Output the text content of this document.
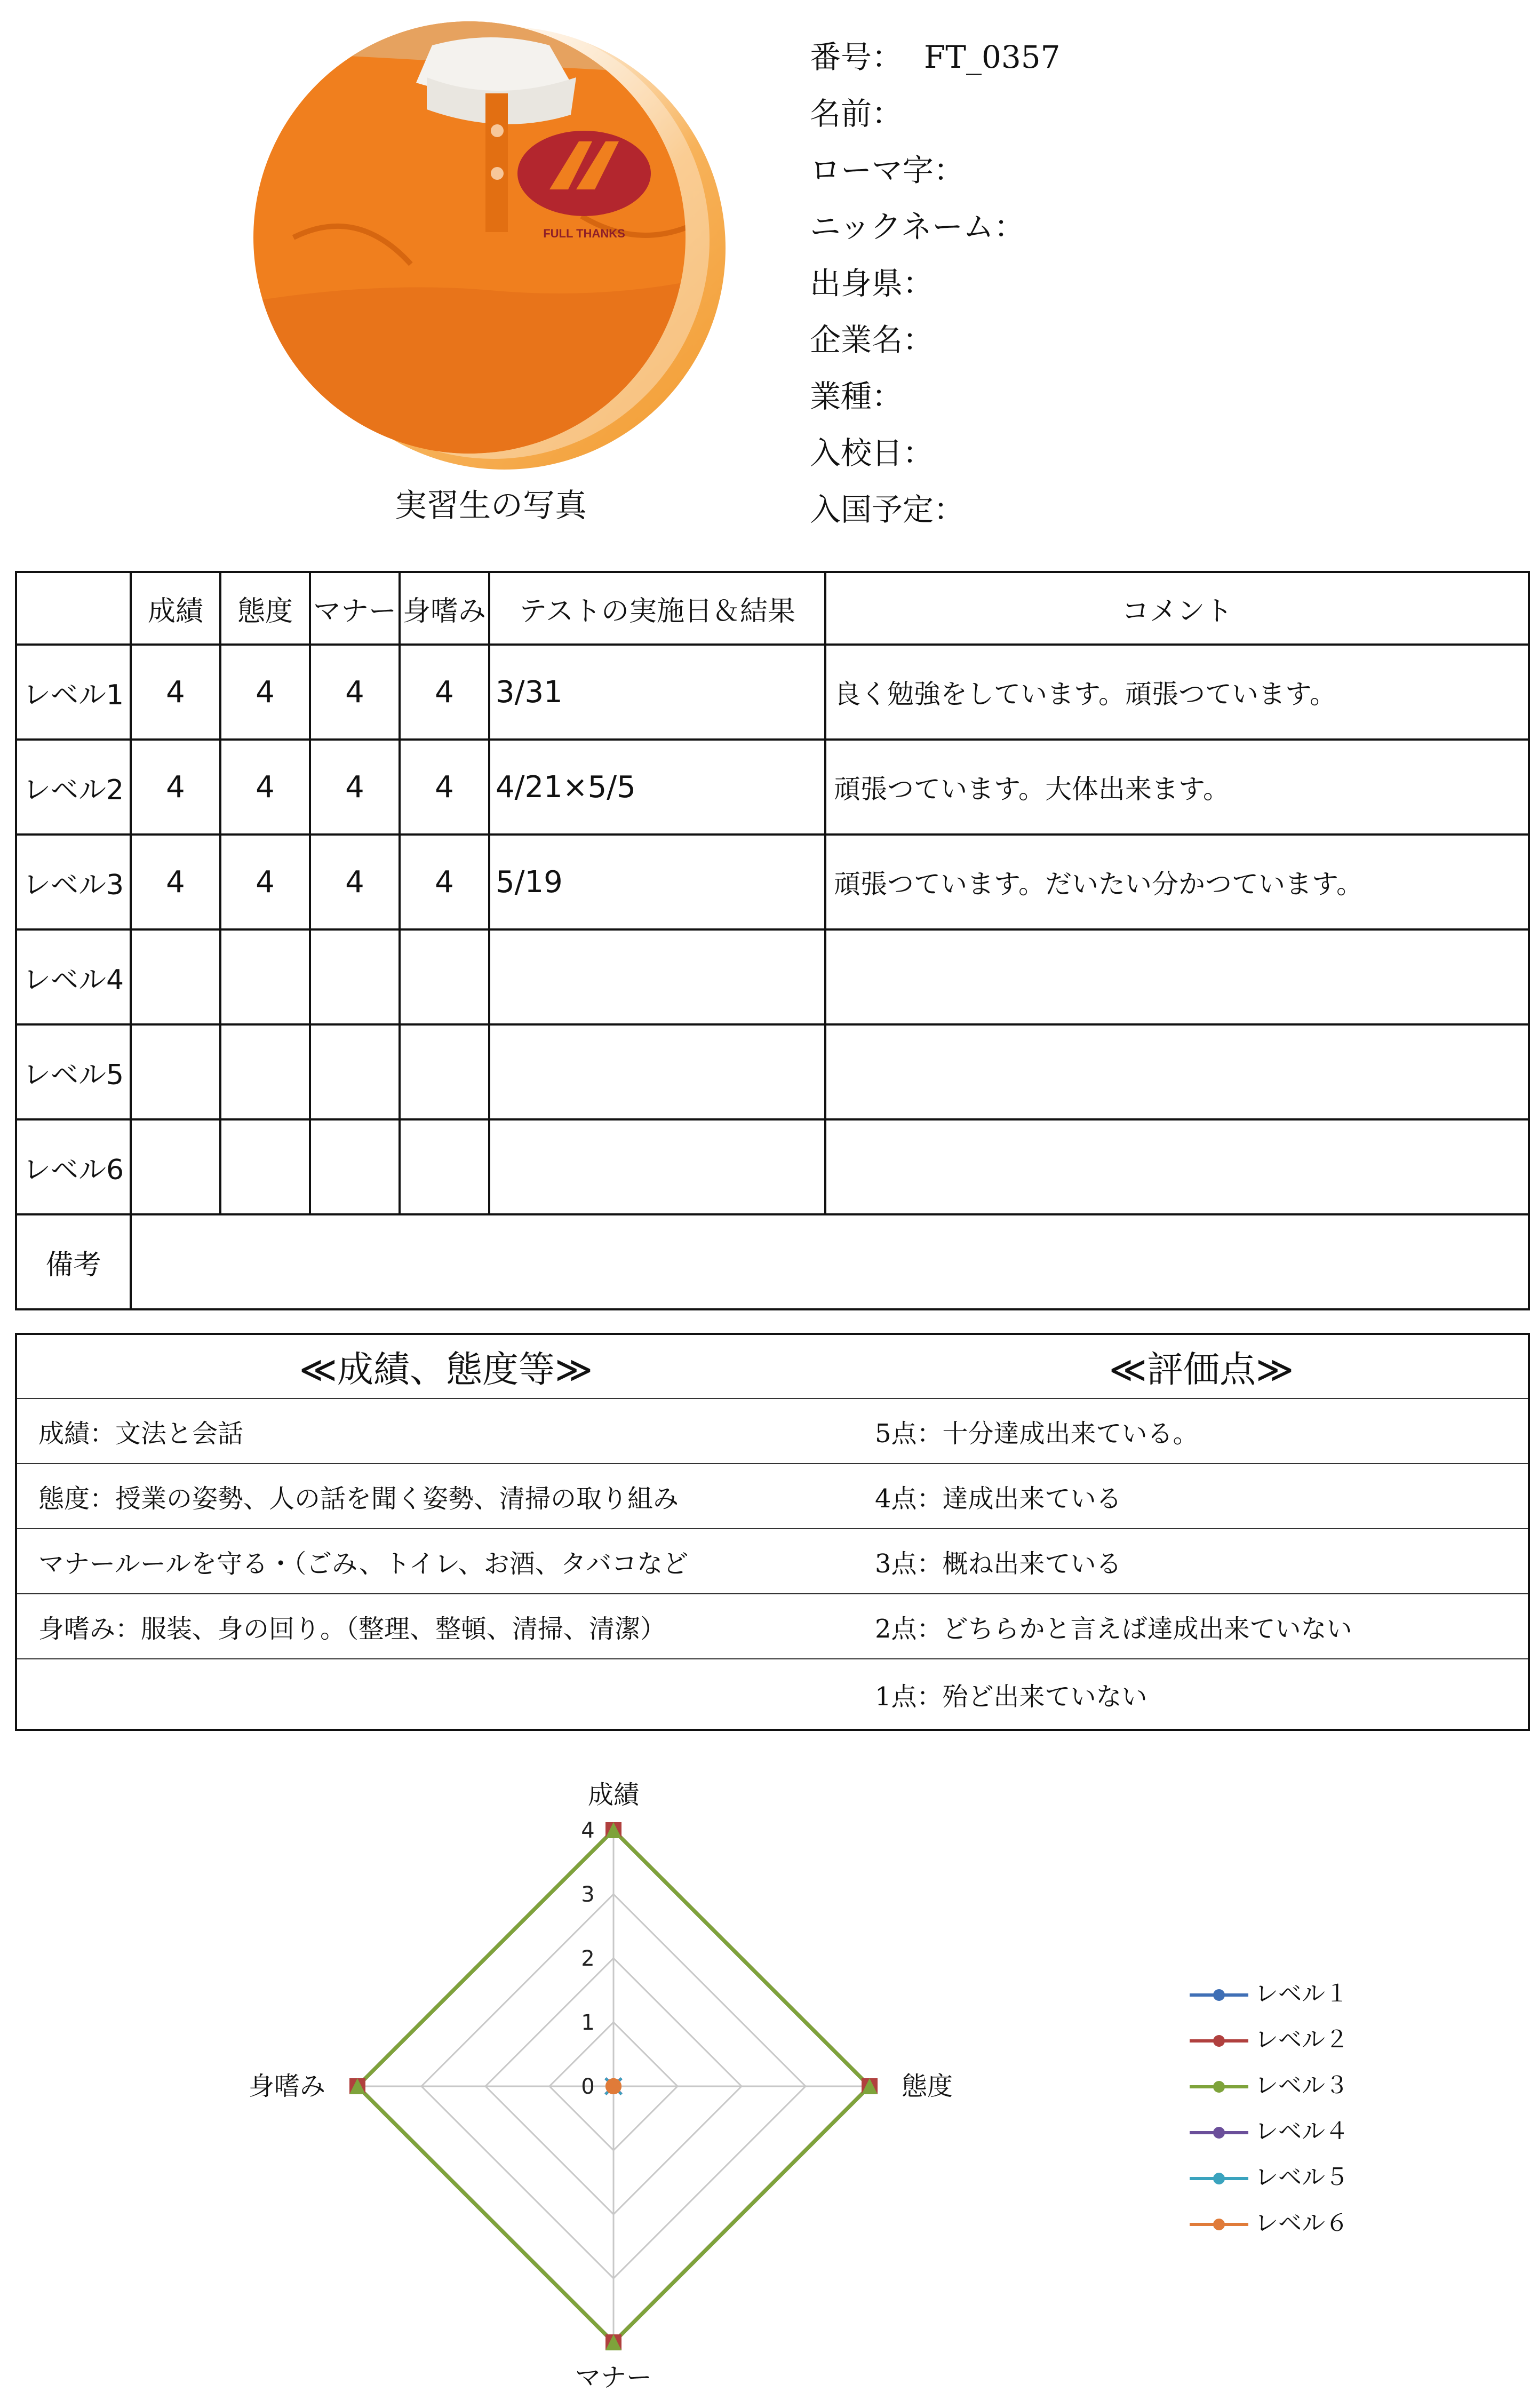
FULL THANKS
実習生の写真
番号： FT_0357
名前：
ローマ字：
ニックネーム：
出身県：
企業名：
業種：
入校日：
入国予定：
	成績	態度	マナー	身嗜み	テストの実施日＆結果	コメント
レベル1	4	4	4	4	3/31	良く勉強をしています。頑張つています。
レベル2	4	4	4	4	4/21×5/5	頑張つています。大体出来ます。
レベル3	4	4	4	4	5/19	頑張つています。だいたい分かつています。
レベル4						
レベル5						
レベル6						
備考						
≪成績、態度等≫	≪評価点≫
成績：文法と会話	5点：十分達成出来ている。
態度：授業の姿勢、人の話を聞く姿勢、清掃の取り組み	4点：達成出来ている
マナールールを守る・（ごみ、トイレ、お酒、タバコなど	3点：概ね出来ている
身嗜み：服装、身の回り。（整理、整頓、清掃、清潔）	2点：どちらかと言えば達成出来ていない
	1点：殆ど出来ていない
0
1
2
3
4
成績
態度
マナー
身嗜み
レベル１
レベル２
レベル３
レベル４
レベル５
レベル６
